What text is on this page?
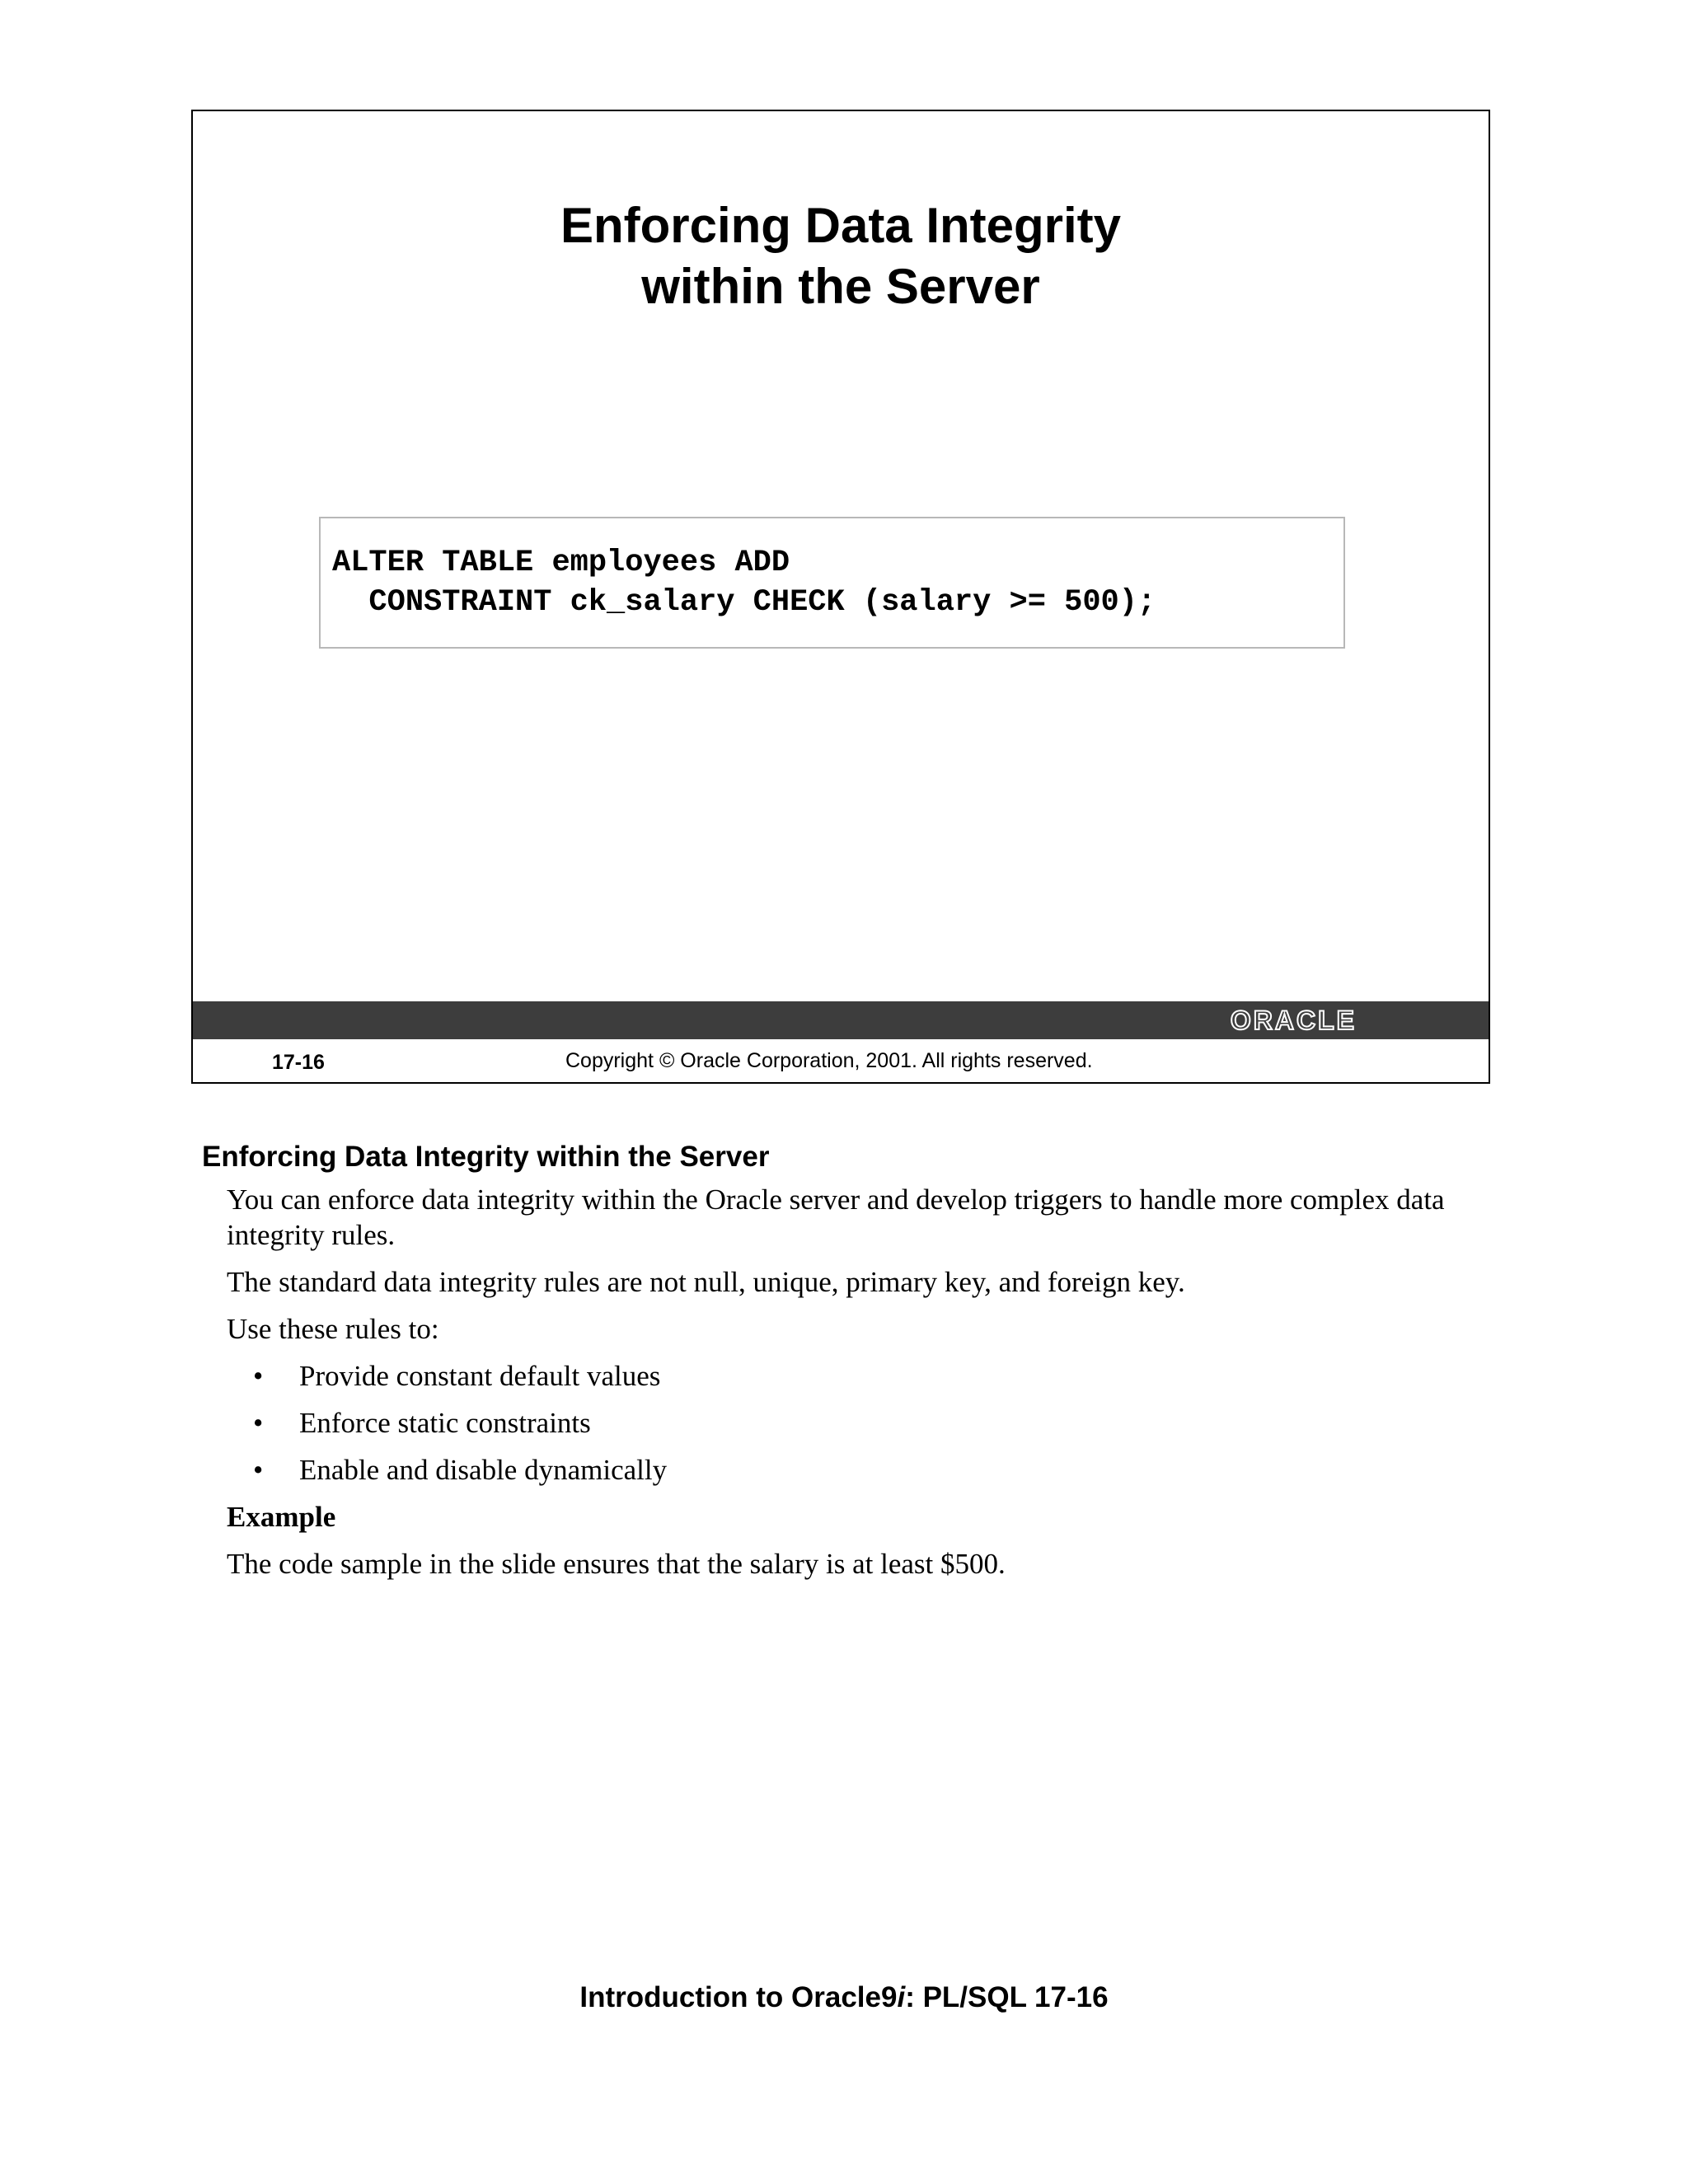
Enforcing Data Integrity
within the Server
ALTER TABLE employees ADD
CONSTRAINT ck_salary CHECK (salary >= 500);
ORACLE
17-16	Copyright © Oracle Corporation, 2001. All rights reserved.
Enforcing Data Integrity within the Server

You can enforce data integrity within the Oracle server and develop triggers to handle more complex data integrity rules.

The standard data integrity rules are not null, unique, primary key, and foreign key.

Use these rules to:

• Provide constant default values
• Enforce static constraints
• Enable and disable dynamically

Example

The code sample in the slide ensures that the salary is at least $500.

Introduction to Oracle9i: PL/SQL 17-16
